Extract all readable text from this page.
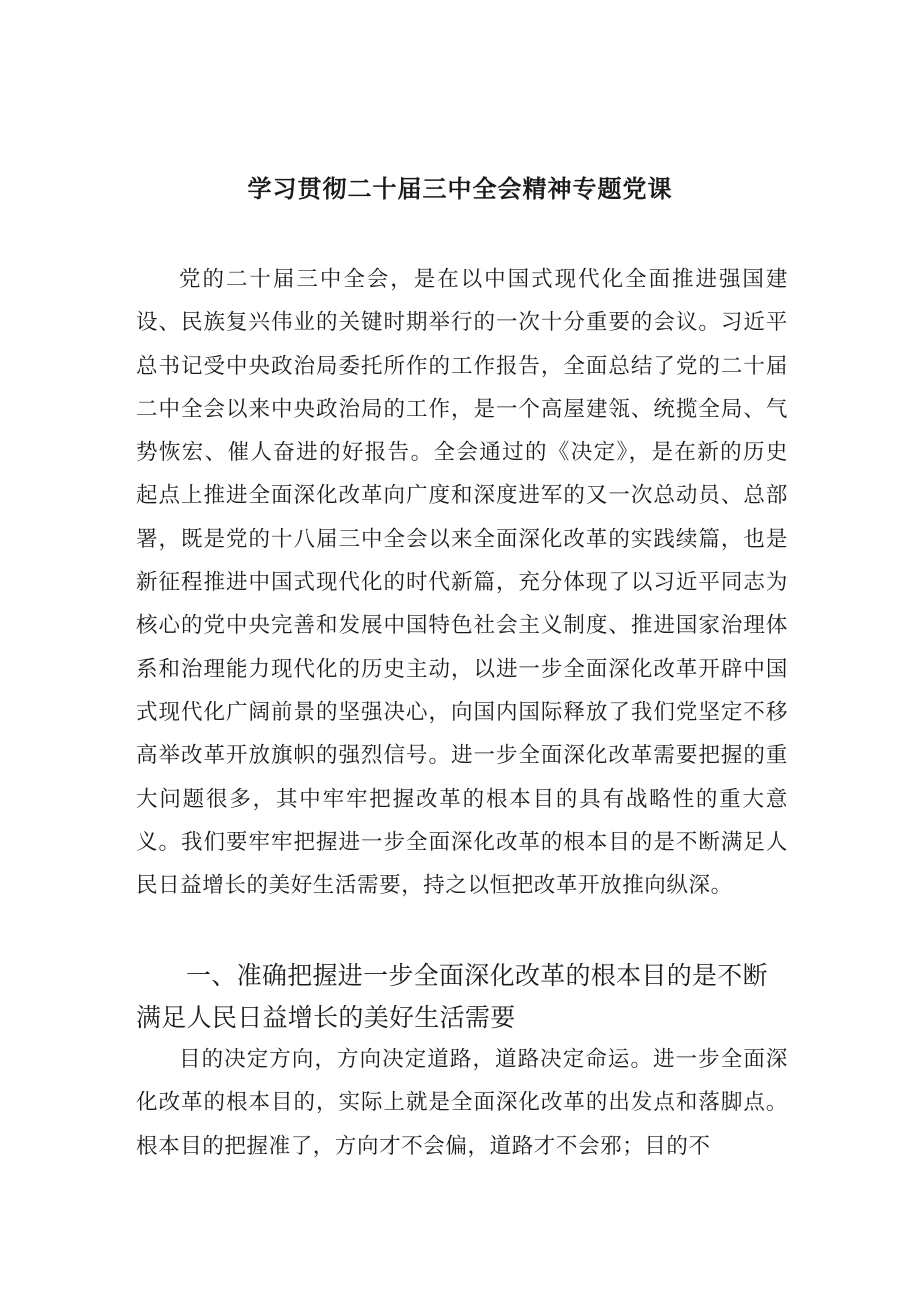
学习贯彻二十届三中全会精神专题党课

党的二十届三中全会，是在以中国式现代化全面推进强国建设、民族复兴伟业的关键时期举行的一次十分重要的会议。习近平总书记受中央政治局委托所作的工作报告，全面总结了党的二十届二中全会以来中央政治局的工作，是一个高屋建瓴、统揽全局、气势恢宏、催人奋进的好报告。全会通过的《决定》，是在新的历史起点上推进全面深化改革向广度和深度进军的又一次总动员、总部署，既是党的十八届三中全会以来全面深化改革的实践续篇，也是新征程推进中国式现代化的时代新篇，充分体现了以习近平同志为核心的党中央完善和发展中国特色社会主义制度、推进国家治理体系和治理能力现代化的历史主动，以进一步全面深化改革开辟中国式现代化广阔前景的坚强决心，向国内国际释放了我们党坚定不移高举改革开放旗帜的强烈信号。进一步全面深化改革需要把握的重大问题很多，其中牢牢把握改革的根本目的具有战略性的重大意义。我们要牢牢把握进一步全面深化改革的根本目的是不断满足人民日益增长的美好生活需要，持之以恒把改革开放推向纵深。

一、准确把握进一步全面深化改革的根本目的是不断满足人民日益增长的美好生活需要

目的决定方向，方向决定道路，道路决定命运。进一步全面深化改革的根本目的，实际上就是全面深化改革的出发点和落脚点。根本目的把握准了，方向才不会偏，道路才不会邪；目的不
